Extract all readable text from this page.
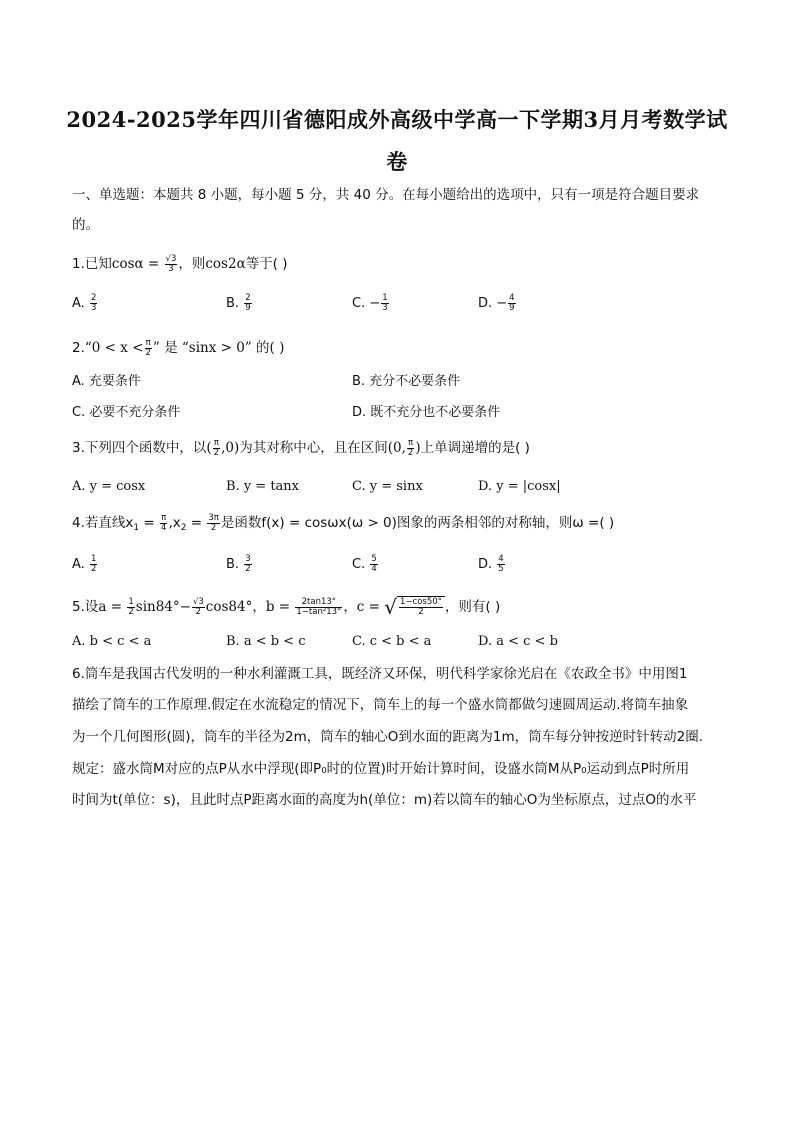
2024-2025学年四川省德阳成外高级中学高一下学期3月月考数学试
卷
一、单选题：本题共 8 小题，每小题 5 分，共 40 分。在每小题给出的选项中，只有一项是符合题目要求
的。
1.已知$\cos\alpha = \frac{√3}{3}$ ，则cos2α等于( )
A. $\frac{2}{3}$	B. $\frac{2}{9}$	C. − $\frac{1}{3}$	D. − $\frac{4}{9}$
2.“0 < $x < \frac{\pi}{2}$ ” 是 “sinx > 0” 的( )
A. 充要条件	B. 充分不必要条件
C. 必要不充分条件	D. 既不充分也不必要条件
3.下列四个函数中，以( $\frac{\pi}{2} ,0$)为其对称中心，且在区间(0, $\frac{\pi}{2}$ )上单调递增的是( )
A. y = cosx	B. y = tanx	C. y = sinx	D. y = |cosx|
4.若直线$x_1 = \frac{\pi}{4} ,x_2 = \frac{3\pi}{2}$ 是函数f(x) = cosωx(ω > 0)图象的两条相邻的对称轴，则ω =( )
A. $\frac{1}{2}$	B. $\frac{3}{2}$	C. $\frac{5}{4}$	D. $\frac{4}{5}$
5.设$a = \frac{1}{2} \sin 84^\circ- \frac{√3}{2} \cos 84^\circ$，$b = \frac{2\tan 13^\circ}{\text{1−tan²13°}}$ ，c = √ $\frac{1-\cos 50^\circ}{2}$ ，则有( )
A. b < c < a	B. a < b < c	C. c < b < a	D. a < c < b
6.筒车是我国古代发明的一种水利灌溉工具，既经济又环保，明代科学家徐光启在《农政全书》中用图1
描绘了筒车的工作原理.假定在水流稳定的情况下，筒车上的每一个盛水筒都做匀速圆周运动.将筒车抽象
为一个几何图形(圆)，筒车的半径为2m，筒车的轴心O到水面的距离为1m，筒车每分钟按逆时针转动2圈.
规定：盛水筒M对应的点P从水中浮现(即P₀时的位置)时开始计算时间，设盛水筒M从P₀运动到点P时所用
时间为t(单位：s)，且此时点P距离水面的高度为h(单位：m)若以筒车的轴心O为坐标原点，过点O的水平
